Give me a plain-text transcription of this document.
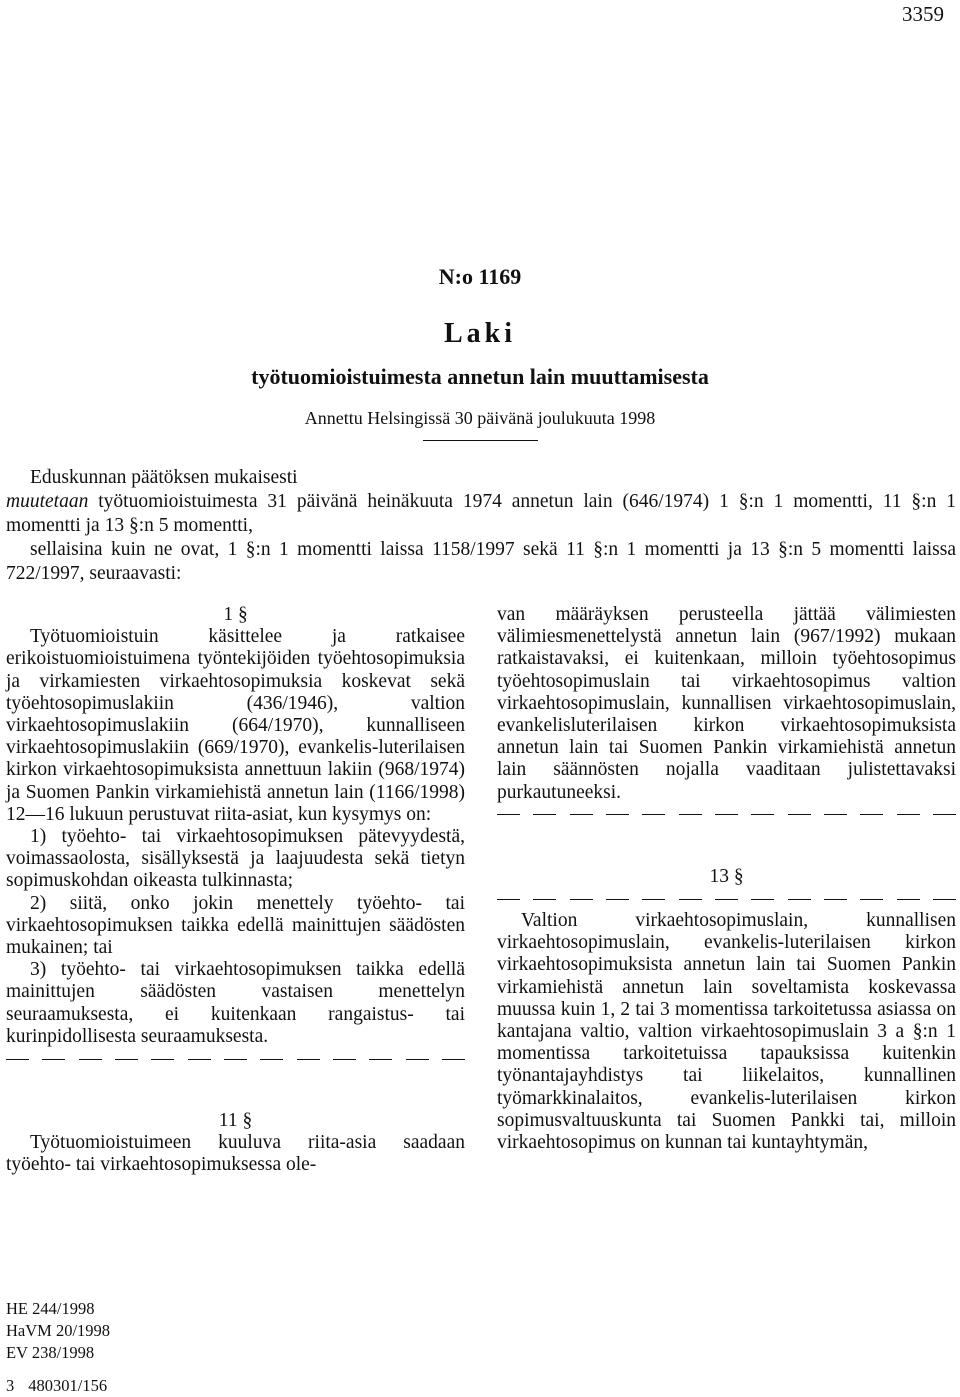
3359
N:o 1169
Laki
työtuomioistuimesta annetun lain muuttamisesta
Annettu Helsingissä 30 päivänä joulukuuta 1998

Eduskunnan päätöksen mukaisesti

muutetaan työtuomioistuimesta 31 päivänä heinäkuuta 1974 annetun lain (646/1974) 1 §:n 1 momentti, 11 §:n 1 momentti ja 13 §:n 5 momentti,

sellaisina kuin ne ovat, 1 §:n 1 momentti laissa 1158/1997 sekä 11 §:n 1 momentti ja 13 §:n 5 momentti laissa 722/1997, seuraavasti:

1 §

Työtuomioistuin käsittelee ja ratkaisee erikoistuomioistuimena työntekijöiden työehtosopimuksia ja virkamiesten virkaehtosopimuksia koskevat sekä työehtosopimuslakiin (436/1946), valtion virkaehtosopimuslakiin (664/1970), kunnalliseen virkaehtosopimuslakiin (669/1970), evankelis-luterilaisen kirkon virkaehtosopimuksista annettuun lakiin (968/1974) ja Suomen Pankin virkamiehistä annetun lain (1166/1998) 12—16 lukuun perustuvat riita-asiat, kun kysymys on:

1) työehto- tai virkaehtosopimuksen pätevyydestä, voimassaolosta, sisällyksestä ja laajuudesta sekä tietyn sopimuskohdan oikeasta tulkinnasta;

2) siitä, onko jokin menettely työehto- tai virkaehtosopimuksen taikka edellä mainittujen säädösten mukainen; tai

3) työehto- tai virkaehtosopimuksen taikka edellä mainittujen säädösten vastaisen menettelyn seuraamuksesta, ei kuitenkaan rangaistus- tai kurinpidollisesta seuraamuksesta.

11 §

Työtuomioistuimeen kuuluva riita-asia saadaan työehto- tai virkaehtosopimuksessa ole-

van määräyksen perusteella jättää välimiesten välimiesmenettelystä annetun lain (967/1992) mukaan ratkaistavaksi, ei kuitenkaan, milloin työehtosopimus työehtosopimuslain tai virkaehtosopimus valtion virkaehtosopimuslain, kunnallisen virkaehtosopimuslain, evankelisluterilaisen kirkon virkaehtosopimuksista annetun lain tai Suomen Pankin virkamiehistä annetun lain säännösten nojalla vaaditaan julistettavaksi purkautuneeksi.

13 §

Valtion virkaehtosopimuslain, kunnallisen virkaehtosopimuslain, evankelis-luterilaisen kirkon virkaehtosopimuksista annetun lain tai Suomen Pankin virkamiehistä annetun lain soveltamista koskevassa muussa kuin 1, 2 tai 3 momentissa tarkoitetussa asiassa on kantajana valtio, valtion virkaehtosopimuslain 3 a §:n 1 momentissa tarkoitetuissa tapauksissa kuitenkin työnantajayhdistys tai liikelaitos, kunnallinen työmarkkinalaitos, evankelis-luterilaisen kirkon sopimusvaltuuskunta tai Suomen Pankki tai, milloin virkaehtosopimus on kunnan tai kuntayhtymän,

HE 244/1998
HaVM 20/1998
EV 238/1998
3 480301/156
